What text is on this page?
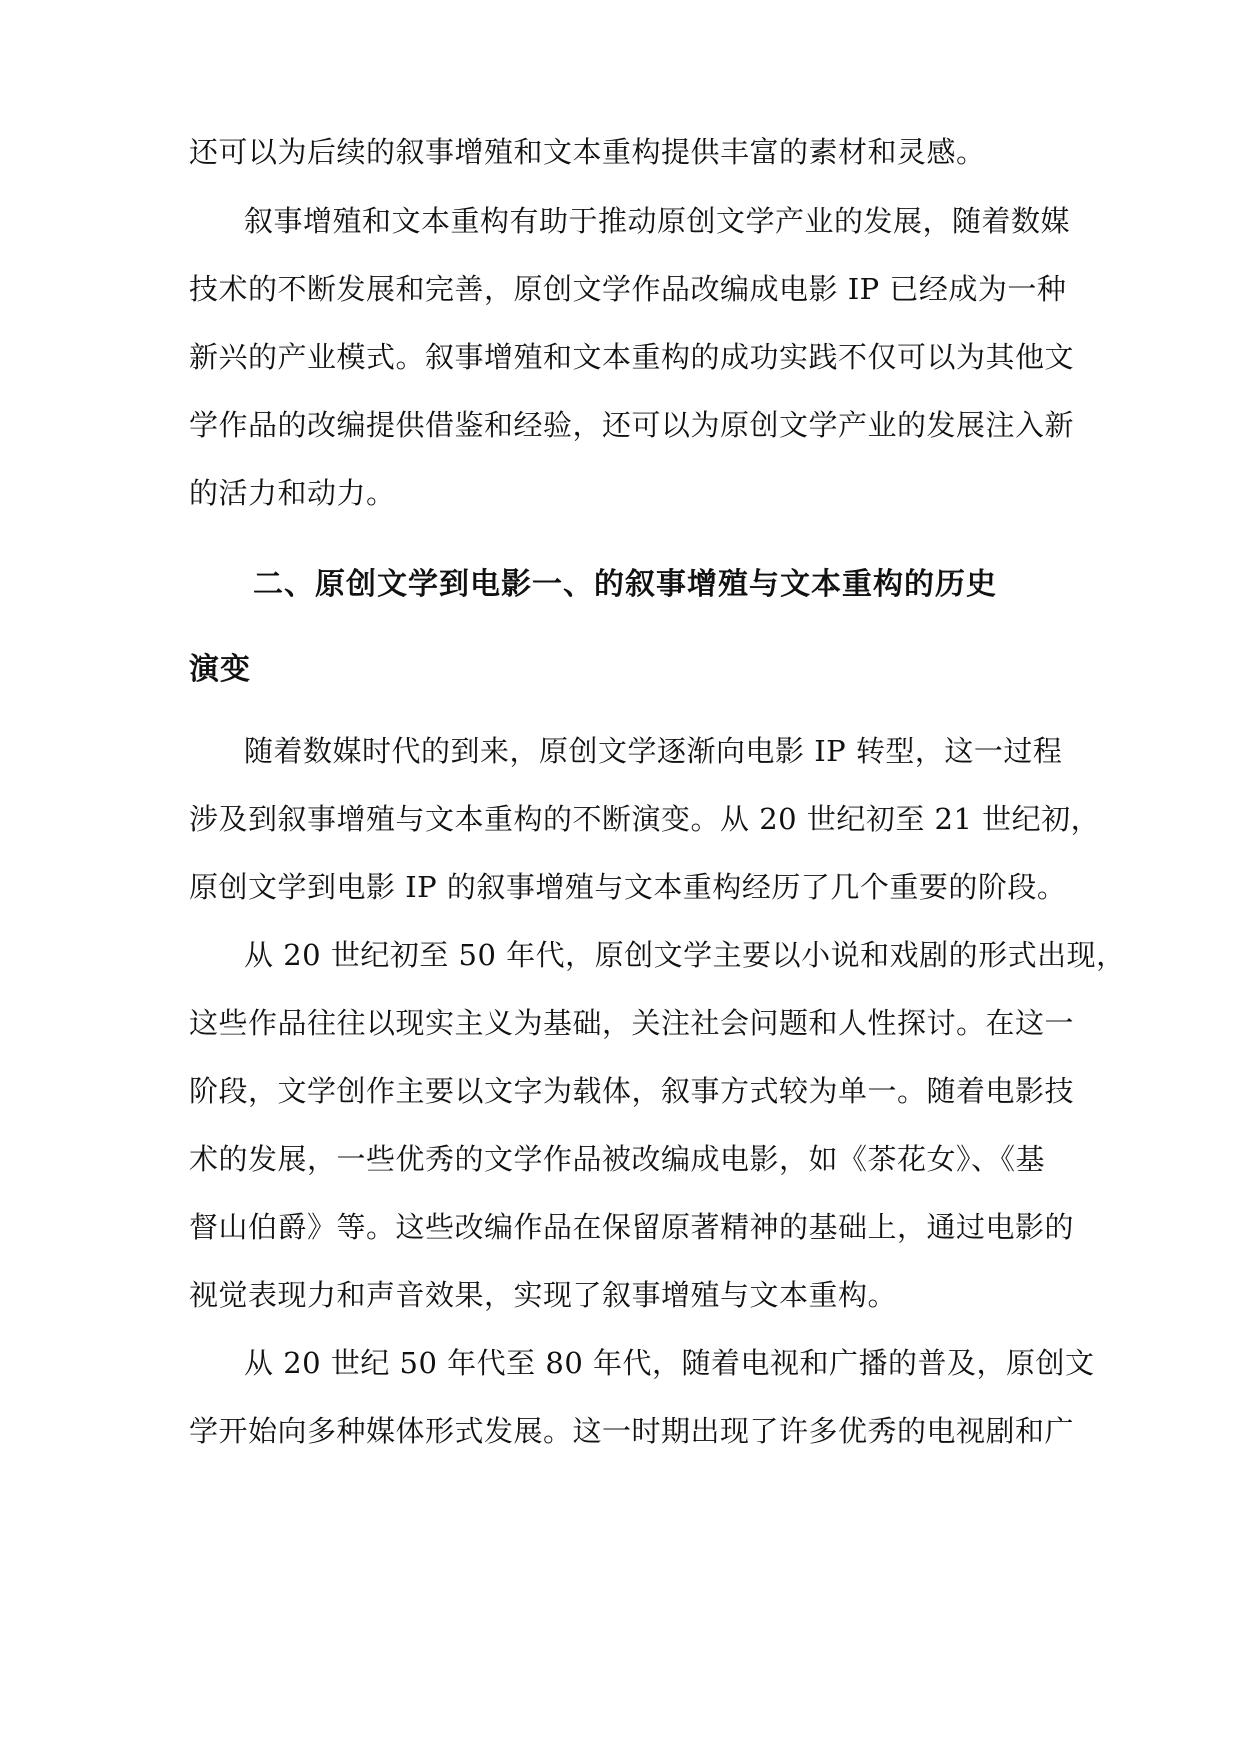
还可以为后续的叙事增殖和文本重构提供丰富的素材和灵感。
叙事增殖和文本重构有助于推动原创文学产业的发展，随着数媒
技术的不断发展和完善，原创文学作品改编成电影 IP 已经成为一种
新兴的产业模式。叙事增殖和文本重构的成功实践不仅可以为其他文
学作品的改编提供借鉴和经验，还可以为原创文学产业的发展注入新
的活力和动力。
二、原创文学到电影一、的叙事增殖与文本重构的历史
演变
随着数媒时代的到来，原创文学逐渐向电影 IP 转型，这一过程
涉及到叙事增殖与文本重构的不断演变。从 20 世纪初至 21 世纪初，
原创文学到电影 IP 的叙事增殖与文本重构经历了几个重要的阶段。
从 20 世纪初至 50 年代，原创文学主要以小说和戏剧的形式出现，
这些作品往往以现实主义为基础，关注社会问题和人性探讨。在这一
阶段，文学创作主要以文字为载体，叙事方式较为单一。随着电影技
术的发展，一些优秀的文学作品被改编成电影，如《茶花女》、《基
督山伯爵》等。这些改编作品在保留原著精神的基础上，通过电影的
视觉表现力和声音效果，实现了叙事增殖与文本重构。
从 20 世纪 50 年代至 80 年代，随着电视和广播的普及，原创文
学开始向多种媒体形式发展。这一时期出现了许多优秀的电视剧和广
